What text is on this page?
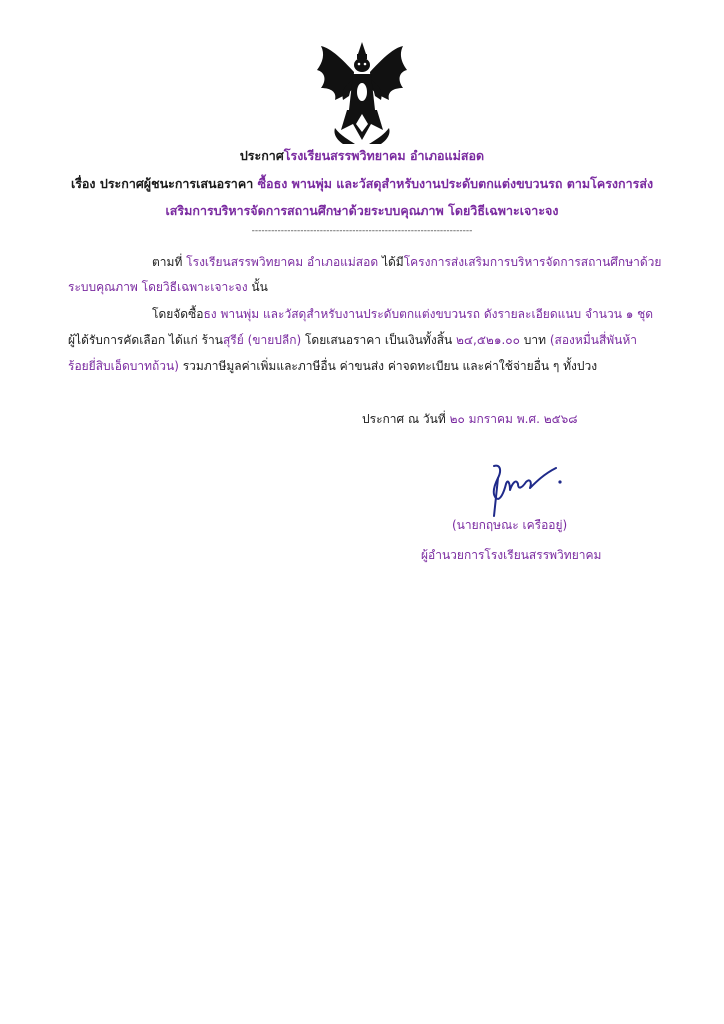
ประกาศโรงเรียนสรรพวิทยาคม อำเภอแม่สอด
เรื่อง ประกาศผู้ชนะการเสนอราคา ซื้อธง พานพุ่ม และวัสดุสำหรับงานประดับตกแต่งขบวนรถ ตามโครงการส่ง
เสริมการบริหารจัดการสถานศึกษาด้วยระบบคุณภาพ โดยวิธีเฉพาะเจาะจง
--------------------------------------------------------------------
ตามที่ โรงเรียนสรรพวิทยาคม อำเภอแม่สอด ได้มีโครงการส่งเสริมการบริหารจัดการสถานศึกษาด้วย
ระบบคุณภาพ โดยวิธีเฉพาะเจาะจง นั้น
โดยจัดซื้อธง พานพุ่ม และวัสดุสำหรับงานประดับตกแต่งขบวนรถ ดังรายละเอียดแนบ จำนวน ๑ ชุด
ผู้ได้รับการคัดเลือก ได้แก่ ร้านสุรีย์ (ขายปลีก) โดยเสนอราคา เป็นเงินทั้งสิ้น ๒๔,๕๒๑.๐๐ บาท (สองหมื่นสี่พันห้า
ร้อยยี่สิบเอ็ดบาทถ้วน) รวมภาษีมูลค่าเพิ่มและภาษีอื่น ค่าขนส่ง ค่าจดทะเบียน และค่าใช้จ่ายอื่น ๆ ทั้งปวง
ประกาศ ณ วันที่ ๒๐ มกราคม พ.ศ. ๒๕๖๘
(นายกฤษณะ เครืออยู่)
ผู้อำนวยการโรงเรียนสรรพวิทยาคม
